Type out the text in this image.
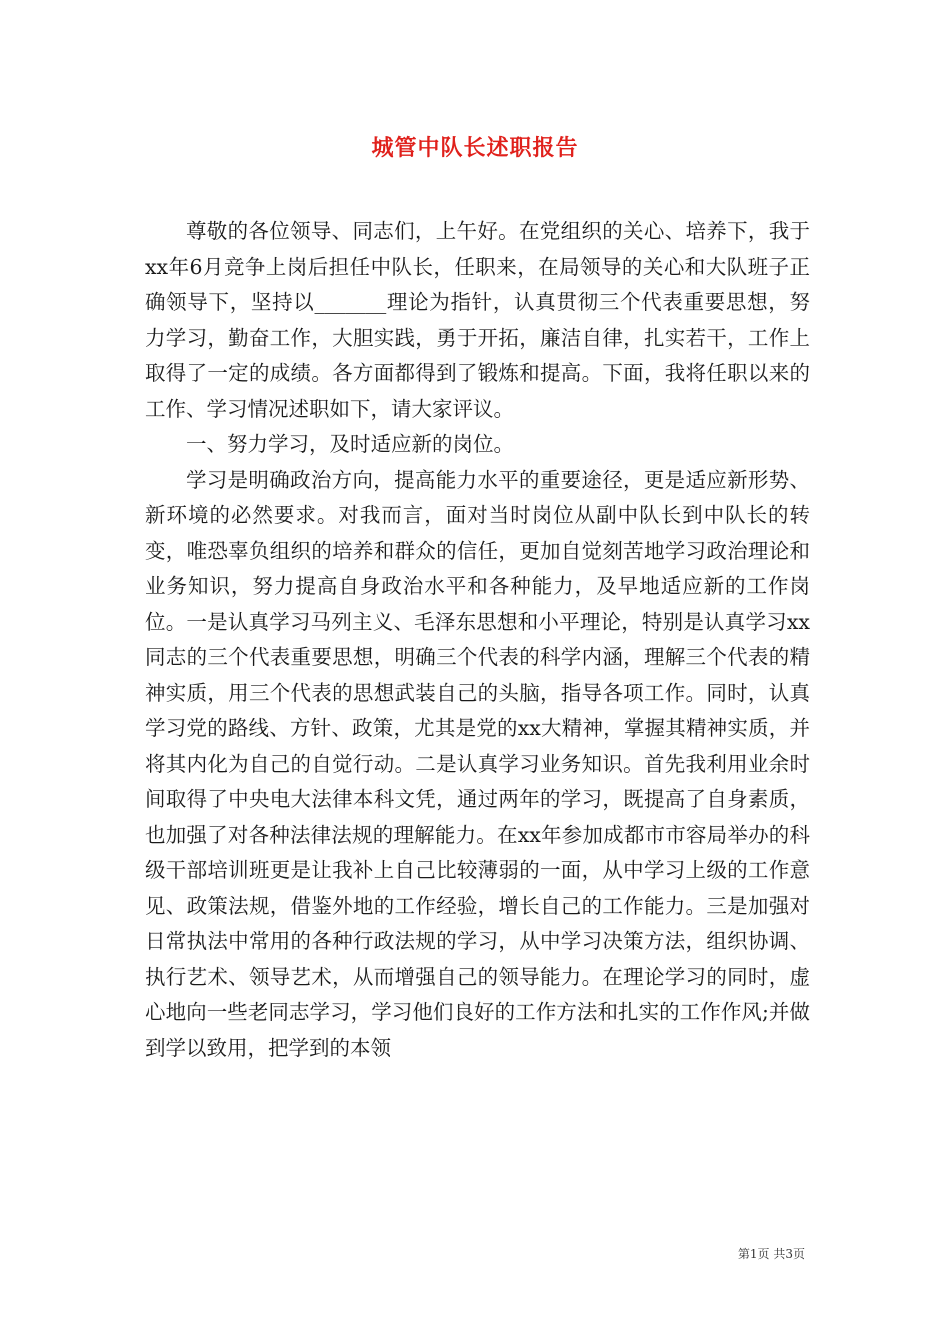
城管中队长述职报告

尊敬的各位领导、同志们，上午好。在党组织的关心、培养下，我于xx年6月竞争上岗后担任中队长，任职来，在局领导的关心和大队班子正确领导下，坚持以_______理论为指针，认真贯彻三个代表重要思想，努力学习，勤奋工作，大胆实践，勇于开拓，廉洁自律，扎实若干，工作上取得了一定的成绩。各方面都得到了锻炼和提高。下面，我将任职以来的工作、学习情况述职如下，请大家评议。

一、努力学习，及时适应新的岗位。

学习是明确政治方向，提高能力水平的重要途径，更是适应新形势、新环境的必然要求。对我而言，面对当时岗位从副中队长到中队长的转变，唯恐辜负组织的培养和群众的信任，更加自觉刻苦地学习政治理论和业务知识，努力提高自身政治水平和各种能力，及早地适应新的工作岗位。一是认真学习马列主义、毛泽东思想和小平理论，特别是认真学习xx同志的三个代表重要思想，明确三个代表的科学内涵，理解三个代表的精神实质，用三个代表的思想武装自己的头脑，指导各项工作。同时，认真学习党的路线、方针、政策，尤其是党的xx大精神，掌握其精神实质，并将其内化为自己的自觉行动。二是认真学习业务知识。首先我利用业余时间取得了中央电大法律本科文凭，通过两年的学习，既提高了自身素质，也加强了对各种法律法规的理解能力。在xx年参加成都市市容局举办的科级干部培训班更是让我补上自己比较薄弱的一面，从中学习上级的工作意见、政策法规，借鉴外地的工作经验，增长自己的工作能力。三是加强对日常执法中常用的各种行政法规的学习，从中学习决策方法，组织协调、执行艺术、领导艺术，从而增强自己的领导能力。在理论学习的同时，虚心地向一些老同志学习，学习他们良好的工作方法和扎实的工作作风;并做到学以致用，把学到的本领

第1页 共3页
